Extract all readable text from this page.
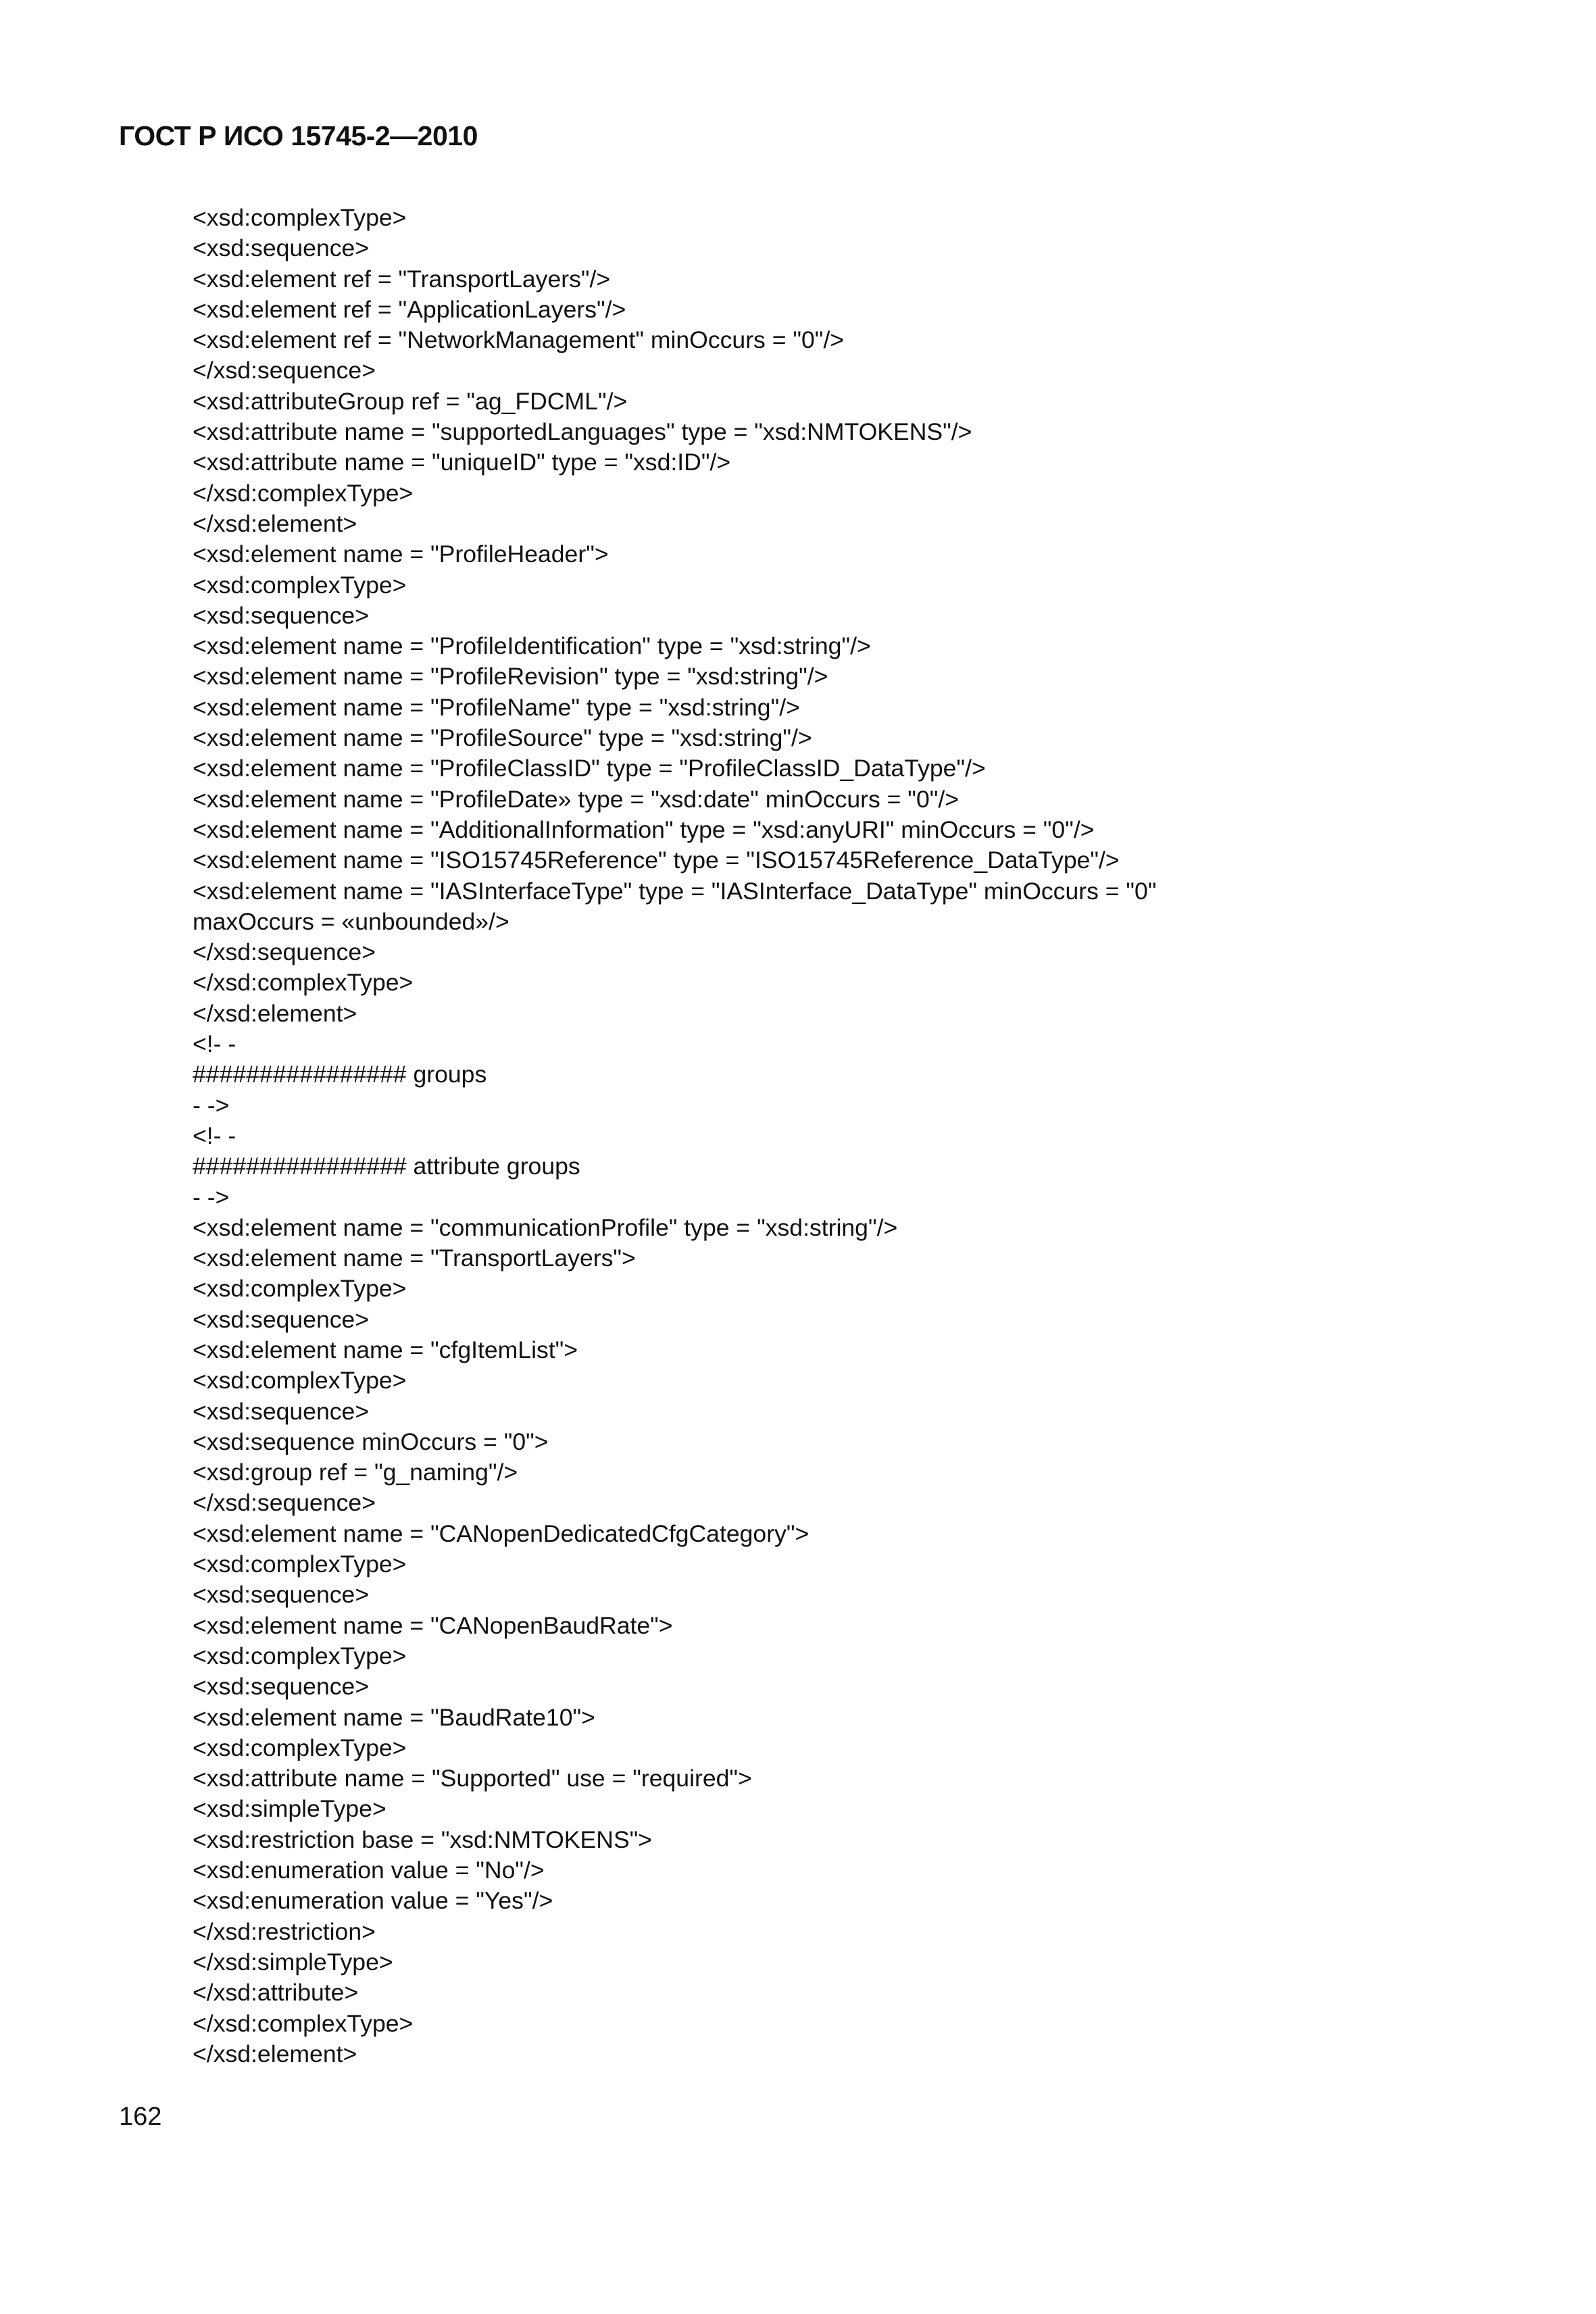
ГОСТ Р ИСО 15745-2—2010
<xsd:complexType>
<xsd:sequence>
<xsd:element ref = "TransportLayers"/>
<xsd:element ref = "ApplicationLayers"/>
<xsd:element ref = "NetworkManagement" minOccurs = "0"/>
</xsd:sequence>
<xsd:attributeGroup ref = "ag_FDCML"/>
<xsd:attribute name = "supportedLanguages" type = "xsd:NMTOKENS"/>
<xsd:attribute name = "uniqueID" type = "xsd:ID"/>
</xsd:complexType>
</xsd:element>
<xsd:element name = "ProfileHeader">
<xsd:complexType>
<xsd:sequence>
<xsd:element name = "ProfileIdentification" type = "xsd:string"/>
<xsd:element name = "ProfileRevision" type = "xsd:string"/>
<xsd:element name = "ProfileName" type = "xsd:string"/>
<xsd:element name = "ProfileSource" type = "xsd:string"/>
<xsd:element name = "ProfileClassID" type = "ProfileClassID_DataType"/>
<xsd:element name = "ProfileDate» type = "xsd:date" minOccurs = "0"/>
<xsd:element name = "AdditionalInformation" type = "xsd:anyURI" minOccurs = "0"/>
<xsd:element name = "ISO15745Reference" type = "ISO15745Reference_DataType"/>
<xsd:element name = "IASInterfaceType" type = "IASInterface_DataType" minOccurs = "0"
maxOccurs = «unbounded»/>
</xsd:sequence>
</xsd:complexType>
</xsd:element>
<!- -
################ groups
- ->
<!- -
################ attribute groups
- ->
<xsd:element name = "communicationProfile" type = "xsd:string"/>
<xsd:element name = "TransportLayers">
<xsd:complexType>
<xsd:sequence>
<xsd:element name = "cfgItemList">
<xsd:complexType>
<xsd:sequence>
<xsd:sequence minOccurs = "0">
<xsd:group ref = "g_naming"/>
</xsd:sequence>
<xsd:element name = "CANopenDedicatedCfgCategory">
<xsd:complexType>
<xsd:sequence>
<xsd:element name = "CANopenBaudRate">
<xsd:complexType>
<xsd:sequence>
<xsd:element name = "BaudRate10">
<xsd:complexType>
<xsd:attribute name = "Supported" use = "required">
<xsd:simpleType>
<xsd:restriction base = "xsd:NMTOKENS">
<xsd:enumeration value = "No"/>
<xsd:enumeration value = "Yes"/>
</xsd:restriction>
</xsd:simpleType>
</xsd:attribute>
</xsd:complexType>
</xsd:element>
162
